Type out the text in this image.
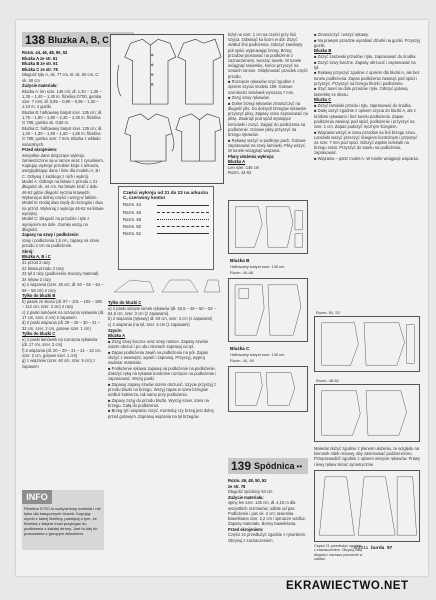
138 Bluzka A, B, C

Rozm. 44, 46, 48, 50, 52

Bluzka A ze str. 61

Bluzka B ze str. 61

Bluzka C ze str. 78

Długość tyłu A, ok. 77 cm, B: ok. 60 cm, C: ok. 60 cm

Zużycie materiału:

Bluzka A: len szer. 145 cm; dł. 1,30 – 1,35 – 1,35 – 1,40 – 1,40 m. flizelina G700, gumka szer. 7 mm; dł. 0,85 – 0,90 – 0,95 – 1,00 – 1,10 m, 4 guziki.

Bluzka B: haftowany batyst szer. 135 cm; dł. 1,75 – 1,80 – 1,80 – 2,30 – 2,30 m. flizelina G 785; gumka ok. 0,50 m.

Bluzka C: haftowany batyst szer. 135 cm; dł. 1,30 – 1,30 – 1,60 – 1,60 – 1,60 m; flizelina G 785; gumka szer. 7 mm. Bluzka z wkłado naturalnych.

Przed skrojeniem:

wszystkie dane dotyczące wykroju zamieszczone są w ramce wraz z rysunkiem. Kopiując wykroje przednie kroje z arkusza, uwzględniając dane i linie dla modelu A, B i C. Odrysuj z każdego z nich i wykrój.

Model A: Odkroje na listwie z przodu o 21 długości ok. 44 cm. Na listwie kroić z dołu 46-52 gdzie długość ręczna krawędzi. Wykonaj w dolnej części i wszyj w fałdzie.

Model B: Dodaj dwa rzędy do brzegów i dwa na przód. Wykonaj z wykroju 46-52 na listwie wyciętej.

Model C: Długość na przodzie i tyle z wycięciem na dole. Gumkę wszyj na długości.

Zapasy na szwy i podłożenie:

szwy i podłożenia 1,5 cm, zapasy na szew przodu 2 cm na podłożenie.

Skrój:

Bluzka A, B i C

21 przód 2 razy

22 listwa przodu 2 razy

23 tył 2 razy (podłożenie złożony materiał)

24 rękaw 2 razy

a) 2 wiązania (szer. 45 cm; dł. 50 – 52 – 54 – 56 – 58 cm) 2 razy

Tylko do bluzki B

b) pasek ze skosu (dł. 97 – 101 – 104 – 108 – 112 cm; szer. 3 cm) 2 razy

c) 2 paski lamówek na rozcięcia rękawów (dł. 17 cm, szer. 3 cm) 2 zapasem

d) 2 paski wiązania (dł. 28 – 29 – 30 – 31 – 32 cm, szer. 2 cm, gotowe szer. 1 cm)

Tylko do bluzki C

e) 2 paski lamówek na rozcięcia rękawów (dł. 17 cm, szer. 3 cm)

f) 2 wiązania (dł. 20 – 20 – 21 – 21 – 22 cm, szer. 2 cm, gotowe szer. 1 cm)

g) 1 wiązanie (szer. 60 cm, szer. 5 cm) z zapasem

Części wykroju od 21 do 23 na arkuszu C, czerwony kontur
Rozm. 44
Rozm. 46
Rozm. 48
Rozm. 50
Rozm. 52

Tylko do bluzki C

a) 2 paski odcięte lamek rękawów (dł. 46,5 – 48 – 50 – 52 – 54,5 cm, szer. 3 cm (z zapasami).

b) 2 wiązania (rękawy) dł. 60 cm, szer. 3 cm (z zapasami)

c) 2 wiązania (na tył, szer. 3 cm (z zapasami)

Szycie:

Bluzka A

■ Zszyj szwy boczne oraz szwy ramion. Zapasy szwów razem obrzuć i po obu stronach zaprasuj na tył.

■ Zapas podłożenia zawiń na podłożeniu na pół. Zapas złożyć z wewnątrz, wywiń i zaprasuj. Przyszyj, wypruj nadmiar materiału.

■ Podłożenie rękawa zapasuj na podłożenie na podłożenie. Założyć ręką na rękawie kontrolne rozcięcie na podłożenie i zaprasować. Wszyj paski.

■ Zapasuj zapasy szwów razem obrzucić. Szycie przyszyj z przodu bluzki na brzegu. Wszyj zapas w szew brzegów wzdłuż kołnierza, tak samo przy podłożeniu.

■ Zapasy zszyj do przodu bluzki. Wyszyj szew, szew na brzegu. Całą do podłożenia.

■ Brzeg tył i wiązanie zszyć. Kontroluj czy brzeg jest dobry przed gotowym. Zaprasuj wiązania na tył brzegów.

łożył na szer. 1 cm na części przy linii szycia. Odwinąć ku licom w dół. Zszyć wzdłuż linii podłożenia. Odszyć zawinięty poł spód, wypruwając brzeg. Brzeg przodów prostować na podłożenie z zaznaczeniem, tworząc tunele. W tunele wciągnąć tasiemkę, końce przyszyć na szwach ramion. Ostębnować przodek część przodu.

■ Rozcięcie rękawów szyć zgodnie z opisem szycia modelu 189. Gotowe szerokości lamówek wynoszą 7 mm.

■ Zszyj szwy rękawów.

■ Dolne brzegi rękawów zmarszczyć na długość plis. Do dolnych brzegów rękawów przyszyć plisy. Zapasy szwu zaprasować na plisę. Zawinąć pod spód wystające końcówki i zszyć. Zagiąć do podłożenia na podłożenie. Gotowe plisy przyszyć na brzegu rękawów.

■ Rękawy wszyć w podkroje pach. Gotowe zaprasować na szwy lamówki. Plisy wszyć. W tunele wciągnąć wiązania.

Plany ułożenia wykroju:

Bluzka A

Len szer. 145 cm

Rozm. 44-52

Bluzka B
Haftowany batyst szer. 135 cm
Rozm. 44-48
Bluzka C
Haftowany batyst szer. 135 cm
Rozm. 44, 46

■ Zmarszczyć i wszyć rękawy.

■ Na prawym przodzie wyrabiać dziurki na guziki. Przyszyj guziki.

Bluzka B

■ Zszyć zaszewki przodów i tyłu, zaprasować do środka.

■ Zszyć szwy boczne. Zapasy obrzucić i zaprasować na tył.

■ Rękawy przyszyć zgodnie z opisem dla bluzki A, ale bez tunelu podłożenia. Zapas podłożenia zawinąć pod spód i przyszyć. Przyszyć na brzegu bluzki i podłożeniu.

■ Szyć tunel na dole przodów i tyłu. Odszyć gotową tasiemkę ze skosu.

Bluzka C

■ Zszyć lamówki przodu i tyłu, zaprasować do środka.

■ Dalej uszyć zgodnie z opisem szycia do bluzki A, ale z krótkimi rękawami i bez tunelu podłożenia. Zapas podłożenia zawinąć pod spód, podłożenie i przyszyć na szer. 1 cm. Zapas podszyć ręcznym ściegiem.

■ Wiązania wszyć w szew przodów na linii brzegu szwu. Lamówki wszyć przeszyć ściegiem kontrolnym i przyszyć na szer. 7 mm pod spód. Odszyć wąskie lamówki na brzegu szwu. Przyszyć do tunelu na podłożeniu, zaprasować.

■ Wiązania – patrz model A. W tunele wciągnąć wiązania.

Rozm. 50, 52
Rozm. 48-52

Materiał złożyć zgodnie z planem ułożenia, ze względu na kierunek nitek osnowy, aby zastosować podział wzoru. Przeprowadzić zgodnie z opisem wszycie rękawów. Prawy i lewy rękaw skroić symetrycznie.

139 Spódnica ••

Rozm. 46, 48, 50, 52

ze str. 78

Długość spódnicy 94 cm

Zużycie materiału:

spiny len szer. 145 cm, dł. 4,10 m dla wszystkich rozmiarów; odbite od pas. Podłożenie i pas ok. 2 cm; tasiemka bawełniana szer. 2,2 cm i spinacze wzdłuż. Zapasy materiału. Bonny bawełniana.

Przed skrojeniem:

Części 21 przedłużyć zgodnie z rysunkiem. Obrysuj z zaznaczeniem.

Części 21 przedłużyć zgodnie z zaznaczeniem. Obrysuj całą długość i zaznacz ponownie w całości.
INFO
Flizelina G700 to usztywniony materiał i nie tylko dla klasycznych bluzek. Kupując wyrób z takiej flizeliny, pamiętaj o tym, że flizelina z klejem musi przylegać do podłożenia z każdej strony. Jest to klej do prasowania z gorącym żelazkiem.
9/2011 burda 97
EKRAWIECTWO.NET
